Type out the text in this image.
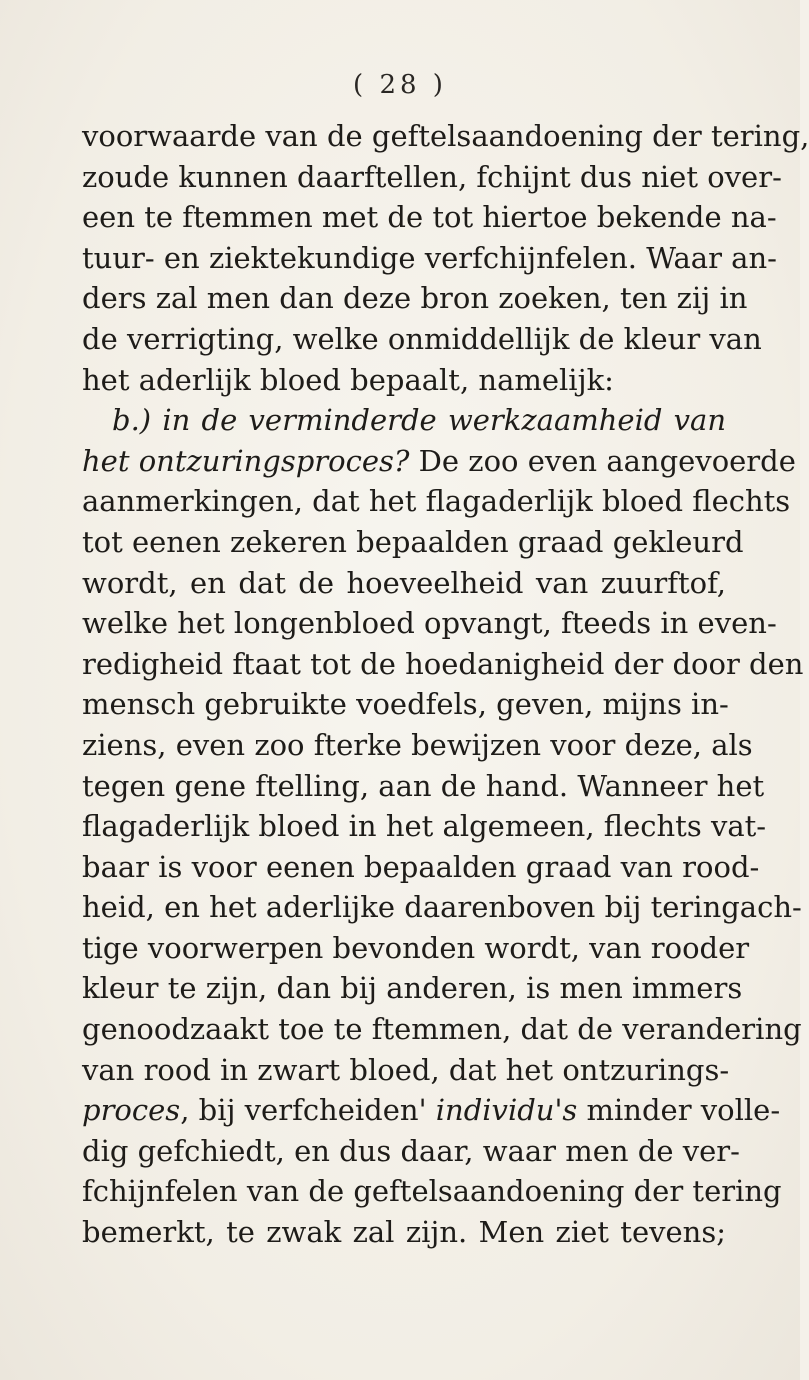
( 28 )
voorwaarde van de geftelsaandoening der tering,
zoude kunnen daarftellen, fchijnt dus niet over-
een te ftemmen met de tot hiertoe bekende na-
tuur- en ziektekundige verfchijnfelen. Waar an-
ders zal men dan deze bron zoeken, ten zij in
de verrigting, welke onmiddellijk de kleur van
het aderlijk bloed bepaalt, namelijk:
b.) in de verminderde werkzaamheid van
het ontzuringsproces? De zoo even aangevoerde
aanmerkingen, dat het flagaderlijk bloed flechts
tot eenen zekeren bepaalden graad gekleurd
wordt, en dat de hoeveelheid van zuurftof,
welke het longenbloed opvangt, fteeds in even-
redigheid ftaat tot de hoedanigheid der door den
mensch gebruikte voedfels, geven, mijns in-
ziens, even zoo fterke bewijzen voor deze, als
tegen gene ftelling, aan de hand. Wanneer het
flagaderlijk bloed in het algemeen, flechts vat-
baar is voor eenen bepaalden graad van rood-
heid, en het aderlijke daarenboven bij teringach-
tige voorwerpen bevonden wordt, van rooder
kleur te zijn, dan bij anderen, is men immers
genoodzaakt toe te ftemmen, dat de verandering
van rood in zwart bloed, dat het ontzurings-
proces, bij verfcheiden' individu's minder volle-
dig gefchiedt, en dus daar, waar men de ver-
fchijnfelen van de geftelsaandoening der tering
bemerkt, te zwak zal zijn. Men ziet tevens;
